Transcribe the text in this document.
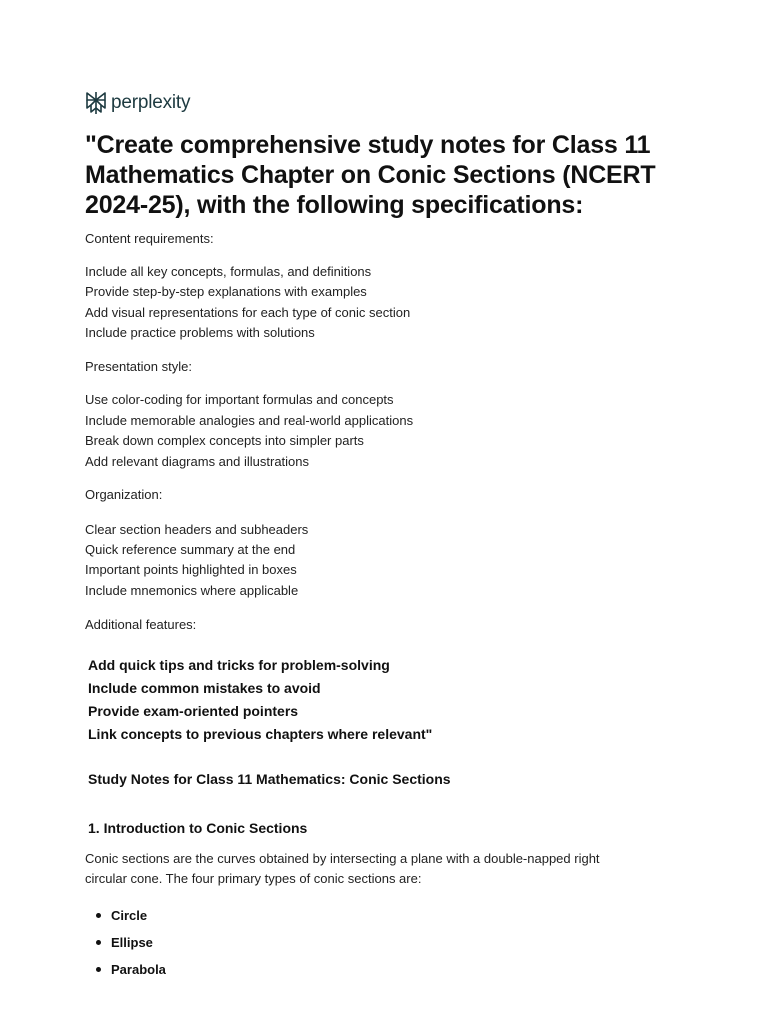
perplexity
"Create comprehensive study notes for Class 11 Mathematics Chapter on Conic Sections (NCERT 2024-25), with the following specifications:

Content requirements:

Include all key concepts, formulas, and definitions

Provide step-by-step explanations with examples

Add visual representations for each type of conic section

Include practice problems with solutions

Presentation style:

Use color-coding for important formulas and concepts

Include memorable analogies and real-world applications

Break down complex concepts into simpler parts

Add relevant diagrams and illustrations

Organization:

Clear section headers and subheaders

Quick reference summary at the end

Important points highlighted in boxes

Include mnemonics where applicable

Additional features:

Add quick tips and tricks for problem-solving

Include common mistakes to avoid

Provide exam-oriented pointers

Link concepts to previous chapters where relevant"

Study Notes for Class 11 Mathematics: Conic Sections

1. Introduction to Conic Sections

Conic sections are the curves obtained by intersecting a plane with a double-napped right

circular cone. The four primary types of conic sections are:

Circle
Ellipse
Parabola
